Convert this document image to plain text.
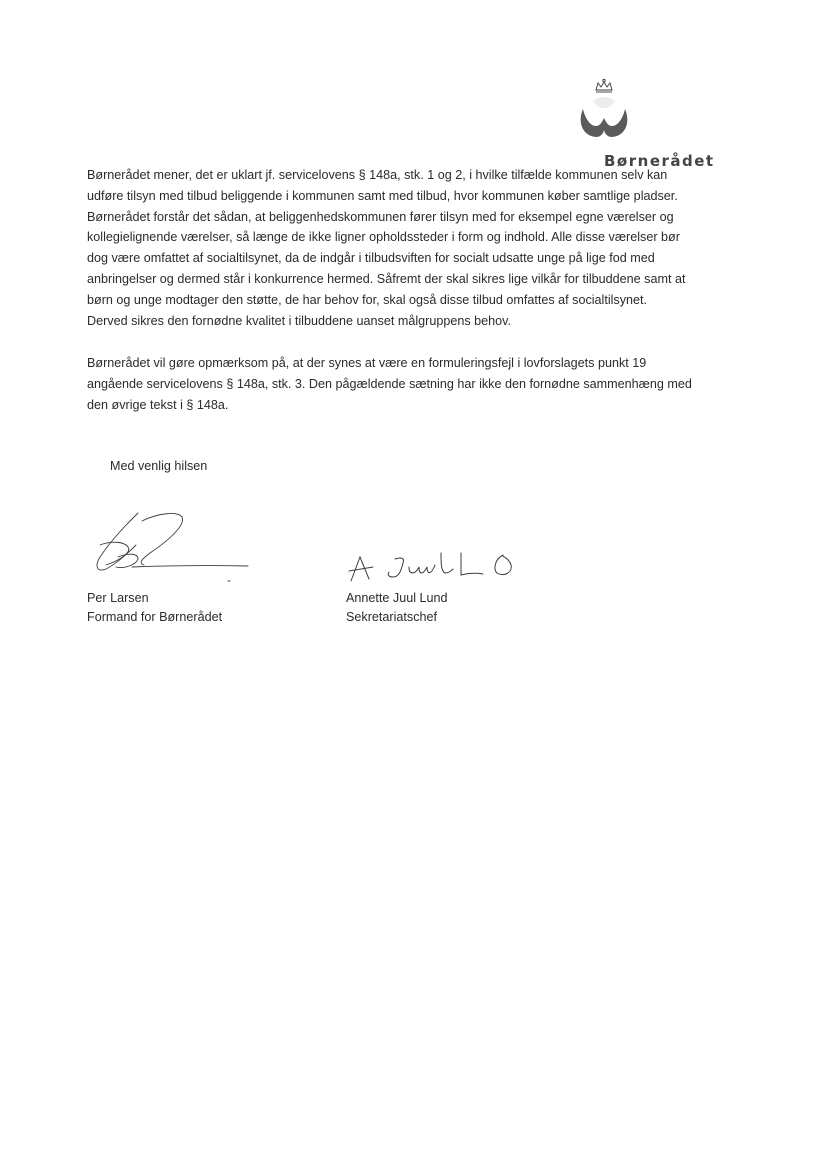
Børnerådet
Børnerådet mener, det er uklart jf. servicelovens § 148a, stk. 1 og 2, i hvilke tilfælde kommunen selv kan
udføre tilsyn med tilbud beliggende i kommunen samt med tilbud, hvor kommunen køber samtlige pladser.
Børnerådet forstår det sådan, at beliggenhedskommunen fører tilsyn med for eksempel egne værelser og
kollegielignende værelser, så længe de ikke ligner opholdssteder i form og indhold. Alle disse værelser bør
dog være omfattet af socialtilsynet, da de indgår i tilbudsviften for socialt udsatte unge på lige fod med
anbringelser og dermed står i konkurrence hermed. Såfremt der skal sikres lige vilkår for tilbuddene samt at
børn og unge modtager den støtte, de har behov for, skal også disse tilbud omfattes af socialtilsynet.
Derved sikres den fornødne kvalitet i tilbuddene uanset målgruppens behov.
Børnerådet vil gøre opmærksom på, at der synes at være en formuleringsfejl i lovforslagets punkt 19
angående servicelovens § 148a, stk. 3. Den pågældende sætning har ikke den fornødne sammenhæng med
den øvrige tekst i § 148a.
Med venlig hilsen
Per Larsen
Formand for Børnerådet
Annette Juul Lund
Sekretariatschef
